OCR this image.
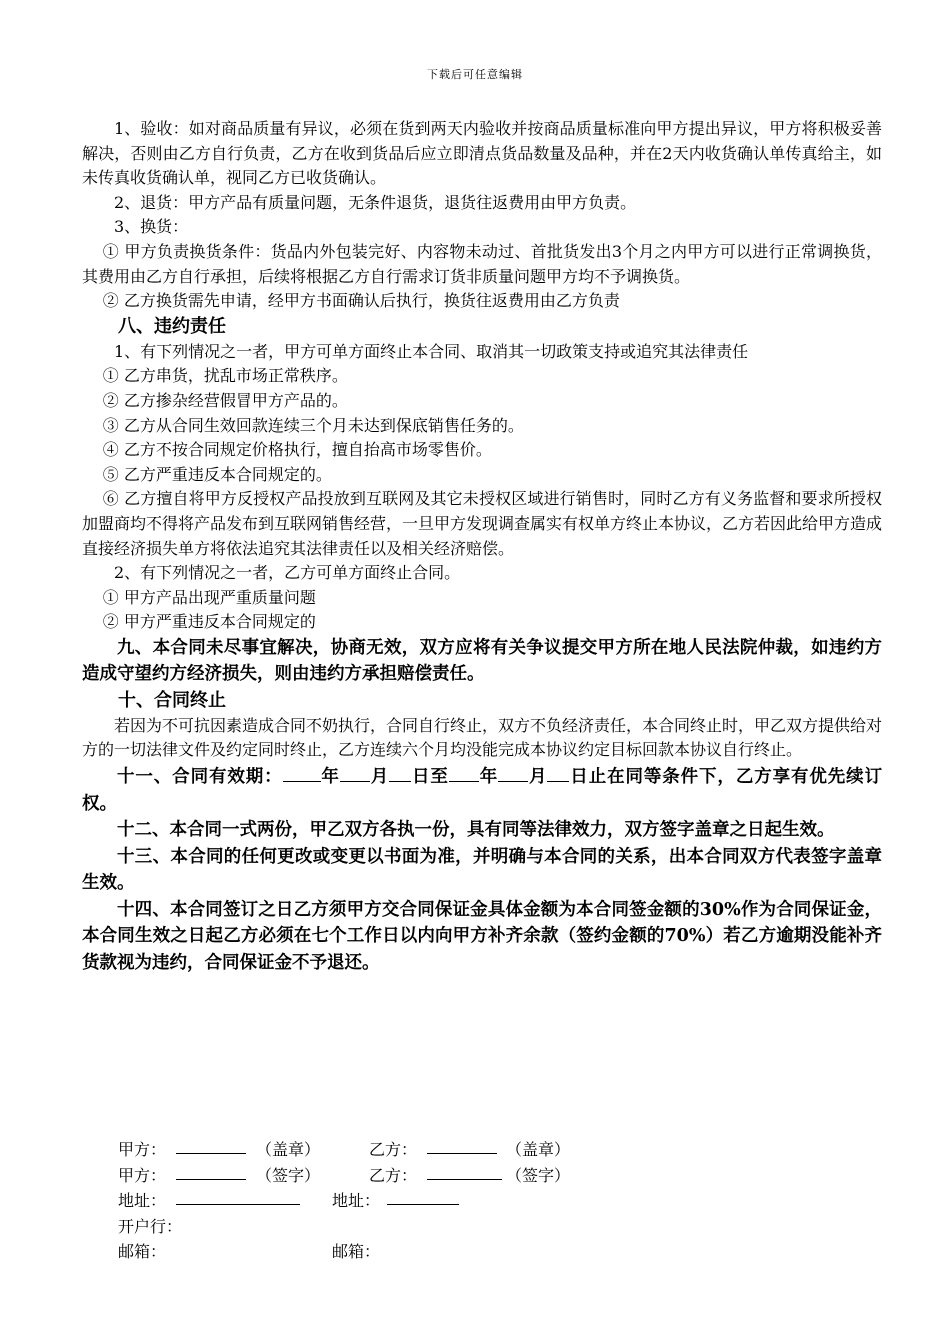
下载后可任意编辑

1、验收：如对商品质量有异议，必须在货到两天内验收并按商品质量标准向甲方提出异议，甲方将积极妥善解决，否则由乙方自行负责，乙方在收到货品后应立即清点货品数量及品种，并在2天内收货确认单传真给主，如未传真收货确认单，视同乙方已收货确认。

2、退货：甲方产品有质量问题，无条件退货，退货往返费用由甲方负责。

3、换货：

① 甲方负责换货条件：货品内外包装完好、内容物未动过、首批货发出3个月之内甲方可以进行正常调换货，其费用由乙方自行承担，后续将根据乙方自行需求订货非质量问题甲方均不予调换货。

② 乙方换货需先申请，经甲方书面确认后执行，换货往返费用由乙方负责

八、违约责任

1、有下列情况之一者，甲方可单方面终止本合同、取消其一切政策支持或追究其法律责任

① 乙方串货，扰乱市场正常秩序。

② 乙方掺杂经营假冒甲方产品的。

③ 乙方从合同生效回款连续三个月未达到保底销售任务的。

④ 乙方不按合同规定价格执行，擅自抬高市场零售价。

⑤ 乙方严重违反本合同规定的。

⑥ 乙方擅自将甲方反授权产品投放到互联网及其它未授权区域进行销售时，同时乙方有义务监督和要求所授权加盟商均不得将产品发布到互联网销售经营，一旦甲方发现调查属实有权单方终止本协议，乙方若因此给甲方造成直接经济损失单方将依法追究其法律责任以及相关经济赔偿。

2、有下列情况之一者，乙方可单方面终止合同。

① 甲方产品出现严重质量问题

② 甲方严重违反本合同规定的

九、本合同未尽事宜解决，协商无效，双方应将有关争议提交甲方所在地人民法院仲裁，如违约方造成守望约方经济损失，则由违约方承担赔偿责任。

十、合同终止

若因为不可抗因素造成合同不奶执行，合同自行终止，双方不负经济责任，本合同终止时，甲乙双方提供给对方的一切法律文件及约定同时终止，乙方连续六个月均没能完成本协议约定目标回款本协议自行终止。

十一、合同有效期： 年 月 日至 年 月 日止在同等条件下，乙方享有优先续订权。

十二、本合同一式两份，甲乙双方各执一份，具有同等法律效力，双方签字盖章之日起生效。

十三、本合同的任何更改或变更以书面为准，并明确与本合同的关系，出本合同双方代表签字盖章生效。

十四、本合同签订之日乙方须甲方交合同保证金具体金额为本合同签金额的30%作为合同保证金，本合同生效之日起乙方必须在七个工作日以内向甲方补齐余款（签约金额的70%）若乙方逾期没能补齐货款视为违约，合同保证金不予退还。

甲方：	（盖章）	乙方：	（盖章）
甲方：	（签字）	乙方：	（签字）
地址：	地址：
开户行：
邮箱：	邮箱：
